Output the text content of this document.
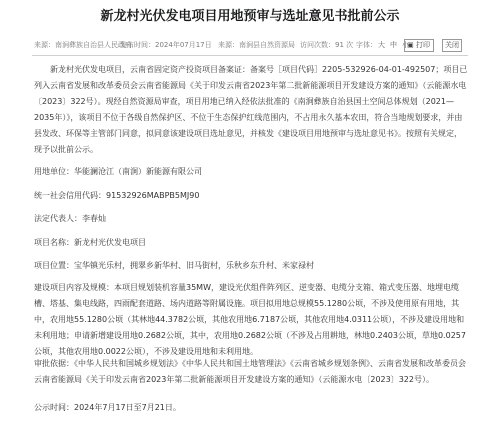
新龙村光伏发电项目用地预审与选址意见书批前公示
来源：南涧彝族自治县人民政府
发布时间：2024年07月17日 来源：南涧县自然资源局 访问次数：91 次 字体： 大 中 小
▣ 打印	关闭
新龙村光伏发电项目，云南省固定资产投资项目备案证：备案号［项目代码］2205-532926-04-01-492507；项目已列入云南省发展和改革委员会云南省能源局《关于印发云南省2023年第二批新能源项目开发建设方案的通知》（云能源水电〔2023〕322号）。现经自然资源局审查，项目用地已纳入经依法批准的《南涧彝族自治县国土空间总体规划（2021—2035年）》，该项目不位于各级自然保护区、不位于生态保护红线范围内，不占用永久基本农田，符合当地规划要求，并由县发改、环保等主管部门同意，拟同意该建设项目选址意见，并核发《建设项目用地预审与选址意见书》。按照有关规定，现予以批前公示。
用地单位：华能澜沧江（南涧）新能源有限公司
统一社会信用代码：91532926MABPB5MJ90
法定代表人：李春灿
项目名称：新龙村光伏发电项目
项目位置：宝华镇光乐村，拥翠乡新华村、旧马街村，乐秋乡东升村、米家禄村
建设项目内容及规模：本项目规划装机容量35MW，建设光伏组件阵列区、逆变器、电缆分支箱、箱式变压器、地埋电缆槽、塔基、集电线路，四雨配套道路、场内道路等附属设施。项目拟用地总规模55.1280公顷，不涉及使用原有用地，其中，农用地55.1280公顷（其林地44.3782公顷，其他农用地6.7187公顷，其他农用地4.0311公顷），不涉及建设用地和未利用地；申请新增建设用地0.2682公顷，其中，农用地0.2682公顷（不涉及占用耕地，林地0.2403公顷，草地0.0257公顷，其他农用地0.0022公顷），不涉及建设用地和未利用地。
审批依据：《中华人民共和国城乡规划法》《中华人民共和国土地管理法》《云南省城乡规划条例》、云南省发展和改革委员会云南省能源局《关于印发云南省2023年第二批新能源项目开发建设方案的通知》（云能源水电〔2023〕322号）。
公示时间：2024年7月17日至7月21日。
